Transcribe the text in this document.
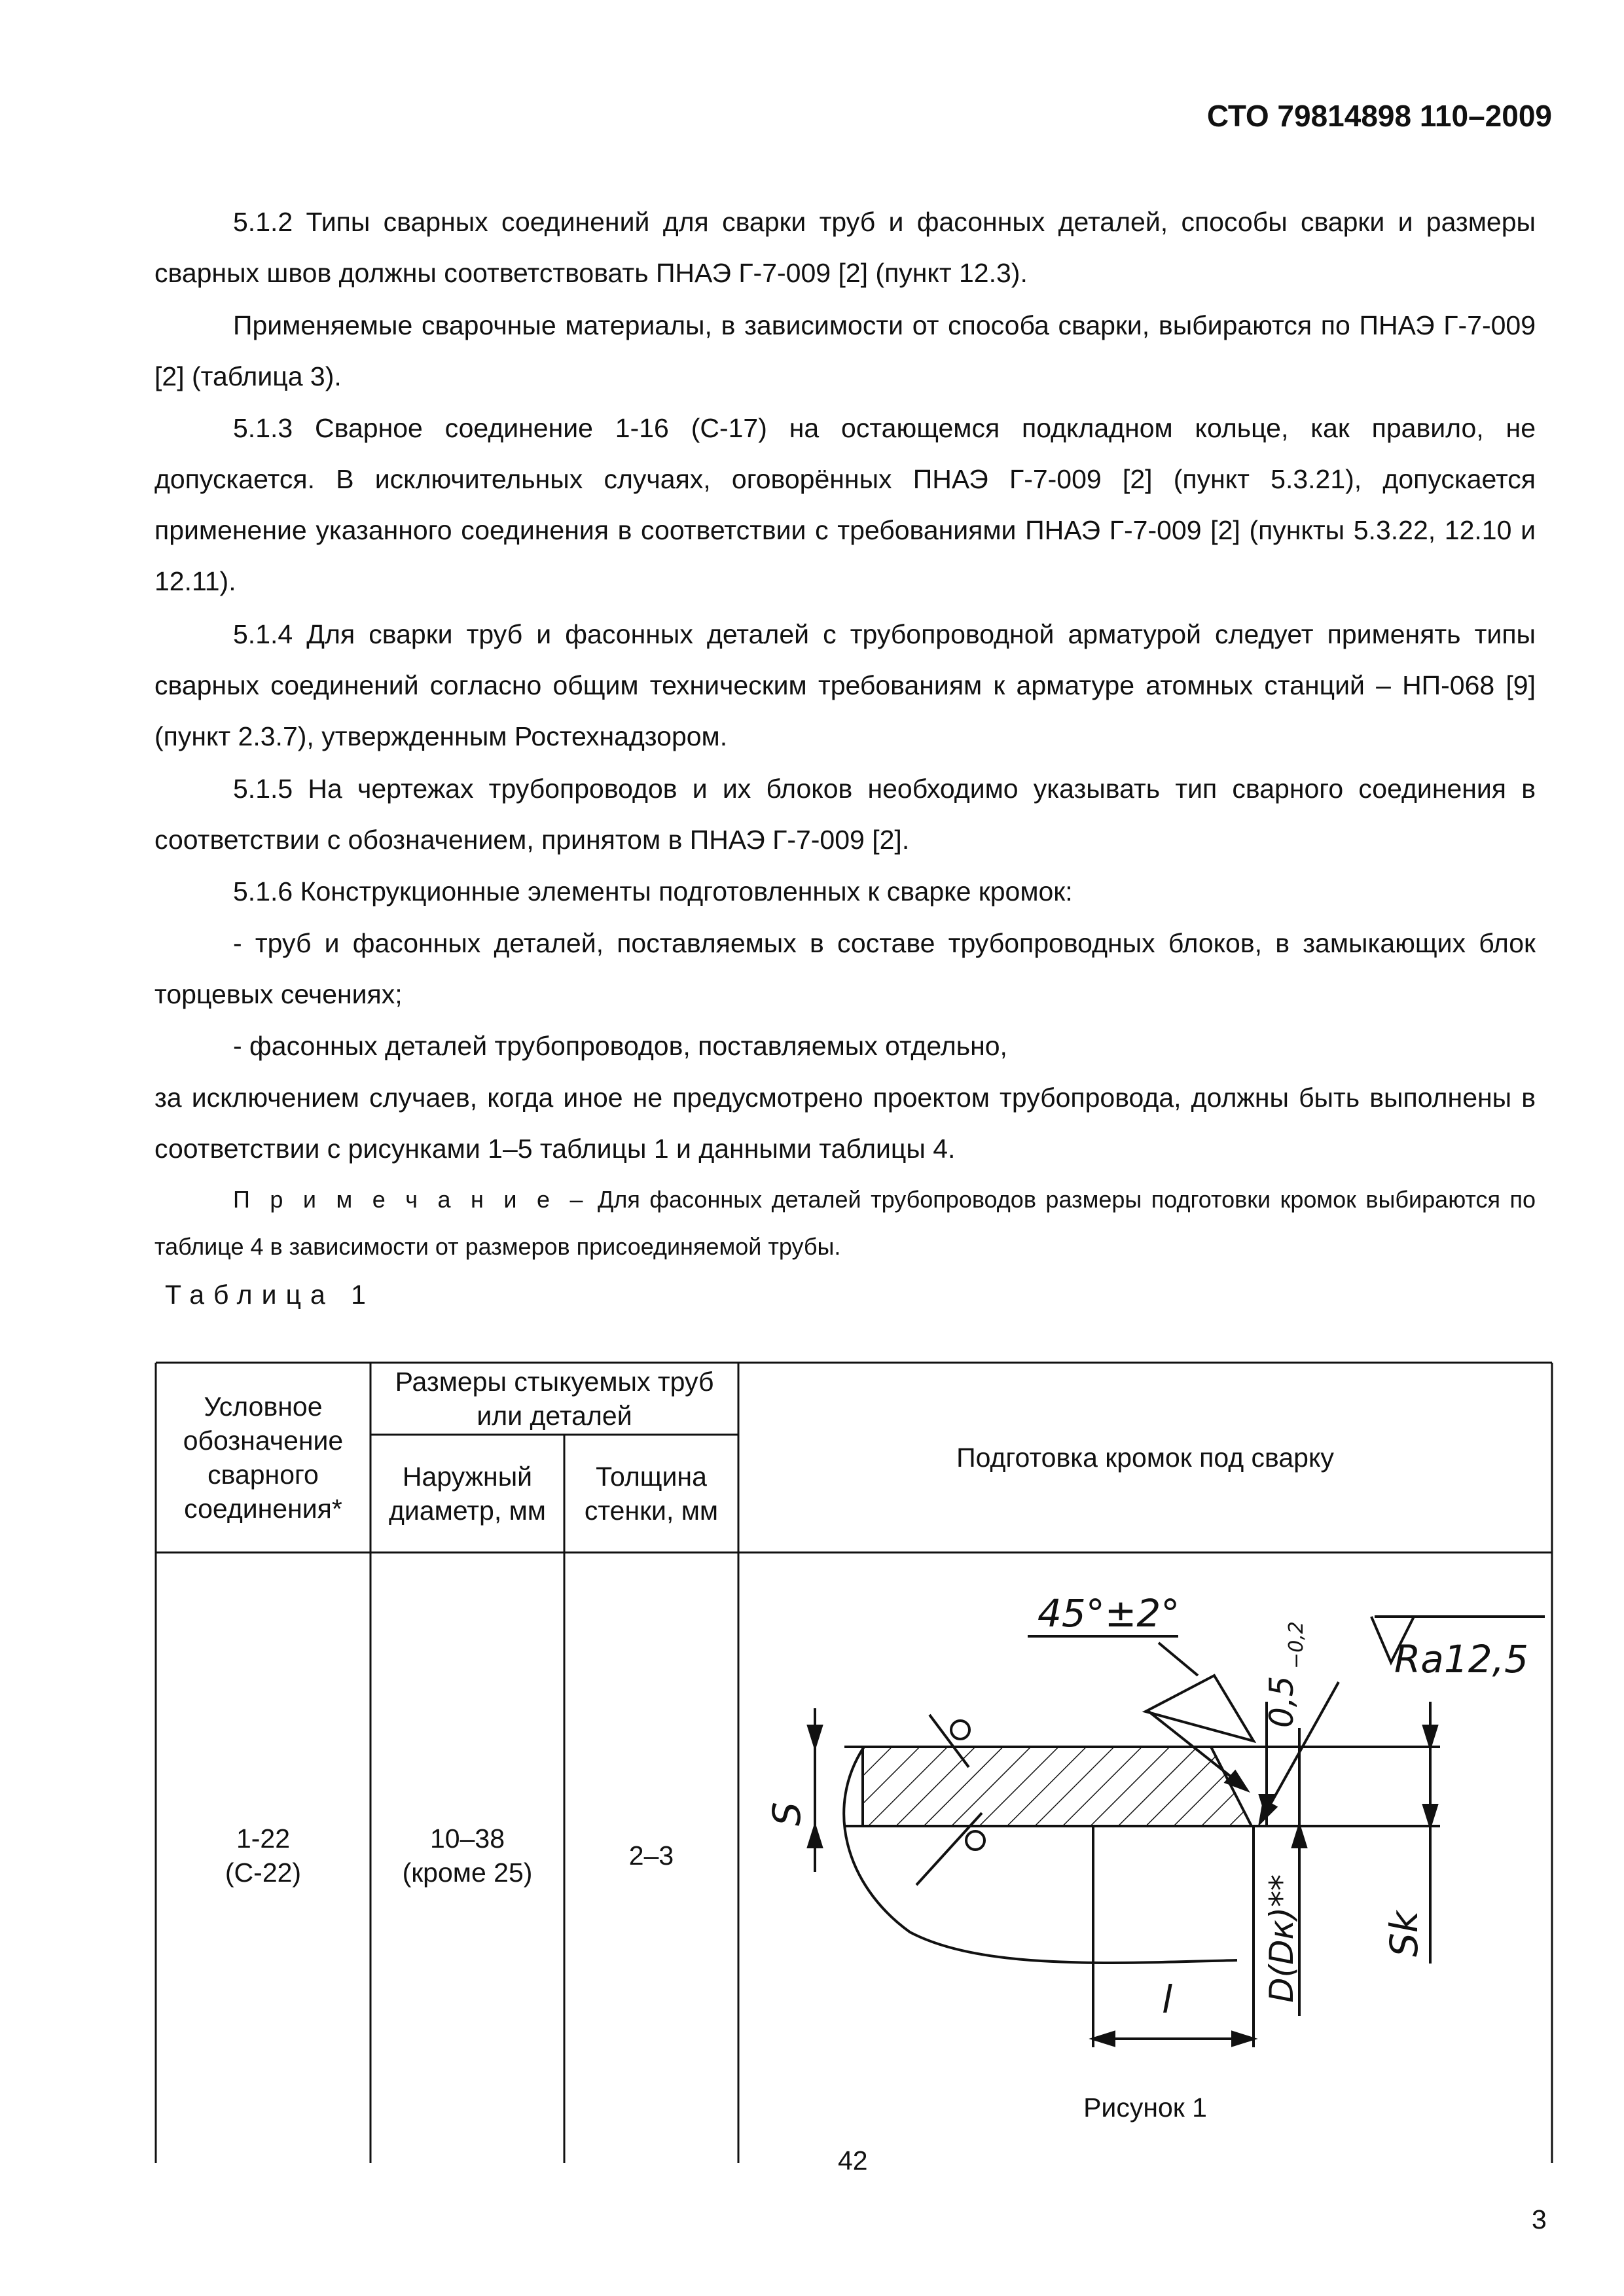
СТО 79814898 110–2009

5.1.2 Типы сварных соединений для сварки труб и фасонных деталей, способы сварки и размеры сварных швов должны соответствовать ПНАЭ Г-7-009 [2] (пункт 12.3).

Применяемые сварочные материалы, в зависимости от способа сварки, выбираются по ПНАЭ Г-7-009 [2] (таблица 3).

5.1.3 Сварное соединение 1-16 (С-17) на остающемся подкладном кольце, как правило, не допускается. В исключительных случаях, оговорённых ПНАЭ Г-7-009 [2] (пункт 5.3.21), допускается применение указанного соединения в соответствии с требованиями ПНАЭ Г-7-009 [2] (пункты 5.3.22, 12.10 и 12.11).

5.1.4 Для сварки труб и фасонных деталей с трубопроводной арматурой следует применять типы сварных соединений согласно общим техническим требованиям к арматуре атомных станций – НП-068 [9] (пункт 2.3.7), утвержденным Ростехнадзором.

5.1.5 На чертежах трубопроводов и их блоков необходимо указывать тип сварного соединения в соответствии с обозначением, принятом в ПНАЭ Г-7-009 [2].

5.1.6 Конструкционные элементы подготовленных к сварке кромок:

- труб и фасонных деталей, поставляемых в составе трубопроводных блоков, в замыкающих блок торцевых сечениях;

- фасонных деталей трубопроводов, поставляемых отдельно,

за исключением случаев, когда иное не предусмотрено проектом трубопровода, должны быть выполнены в соответствии с рисунками 1–5 таблицы 1 и данными таблицы 4.

П р и м е ч а н и е – Для фасонных деталей трубопроводов размеры подготовки кромок выбираются по таблице 4 в зависимости от размеров присоединяемой трубы.

Таблица 1
Условное обозначение сварного соединения*
Размеры стыкуемых труб или деталей
Наружный диаметр, мм
Толщина стенки, мм
Подготовка кромок под сварку
1-22
(С-22)
10–38
(кроме 25)
2–3
45°±2°
Ra12,5
l
S
Sk
D(Dк)**
0,5
−0,2
Рисунок 1
42
3
